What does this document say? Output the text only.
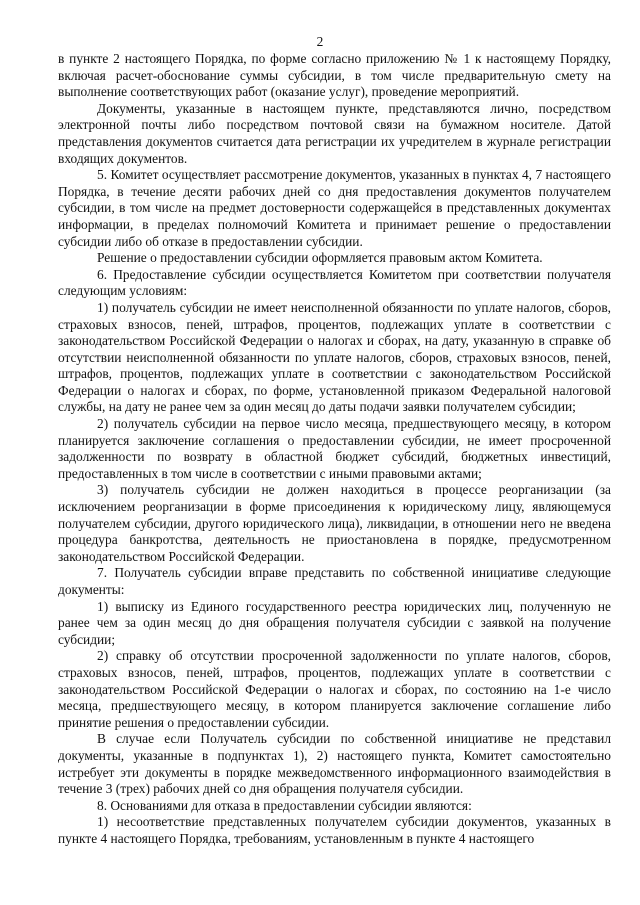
2

в пункте 2 настоящего Порядка, по форме согласно приложению № 1 к настоящему Порядку, включая расчет-обоснование суммы субсидии, в том числе предварительную смету на выполнение соответствующих работ (оказание услуг), проведение мероприятий.

Документы, указанные в настоящем пункте, представляются лично, посредством электронной почты либо посредством почтовой связи на бумажном носителе. Датой представления документов считается дата регистрации их учредителем в журнале регистрации входящих документов.

5. Комитет осуществляет рассмотрение документов, указанных в пунктах 4, 7 настоящего Порядка, в течение десяти рабочих дней со дня предоставления документов получателем субсидии, в том числе на предмет достоверности содержащейся в представленных документах информации, в пределах полномочий Комитета и принимает решение о предоставлении субсидии либо об отказе в предоставлении субсидии.

Решение о предоставлении субсидии оформляется правовым актом Комитета.

6. Предоставление субсидии осуществляется Комитетом при соответствии получателя следующим условиям:

1) получатель субсидии не имеет неисполненной обязанности по уплате налогов, сборов, страховых взносов, пеней, штрафов, процентов, подлежащих уплате в соответствии с законодательством Российской Федерации о налогах и сборах, на дату, указанную в справке об отсутствии неисполненной обязанности по уплате налогов, сборов, страховых взносов, пеней, штрафов, процентов, подлежащих уплате в соответствии с законодательством Российской Федерации о налогах и сборах, по форме, установленной приказом Федеральной налоговой службы, на дату не ранее чем за один месяц до даты подачи заявки получателем субсидии;

2) получатель субсидии на первое число месяца, предшествующего месяцу, в котором планируется заключение соглашения о предоставлении субсидии, не имеет просроченной задолженности по возврату в областной бюджет субсидий, бюджетных инвестиций, предоставленных в том числе в соответствии с иными правовыми актами;

3) получатель субсидии не должен находиться в процессе реорганизации (за исключением реорганизации в форме присоединения к юридическому лицу, являющемуся получателем субсидии, другого юридического лица), ликвидации, в отношении него не введена процедура банкротства, деятельность не приостановлена в порядке, предусмотренном законодательством Российской Федерации.

7. Получатель субсидии вправе представить по собственной инициативе следующие документы:

1) выписку из Единого государственного реестра юридических лиц, полученную не ранее чем за один месяц до дня обращения получателя субсидии с заявкой на получение субсидии;

2) справку об отсутствии просроченной задолженности по уплате налогов, сборов, страховых взносов, пеней, штрафов, процентов, подлежащих уплате в соответствии с законодательством Российской Федерации о налогах и сборах, по состоянию на 1-е число месяца, предшествующего месяцу, в котором планируется заключение соглашение либо принятие решения о предоставлении субсидии.

В случае если Получатель субсидии по собственной инициативе не представил документы, указанные в подпунктах 1), 2) настоящего пункта, Комитет самостоятельно истребует эти документы в порядке межведомственного информационного взаимодействия в течение 3 (трех) рабочих дней со дня обращения получателя субсидии.

8. Основаниями для отказа в предоставлении субсидии являются:

1) несоответствие представленных получателем субсидии документов, указанных в пункте 4 настоящего Порядка, требованиям, установленным в пункте 4 настоящего
